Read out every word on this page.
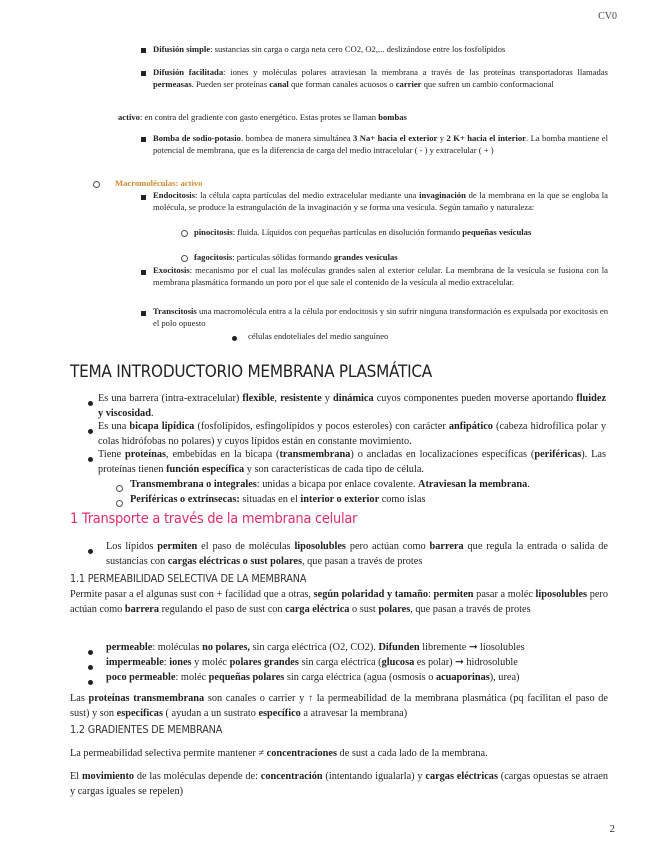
CV0
Difusión simple: sustancias sin carga o carga neta cero CO2, O2,... deslizándose entre los fosfolípidos
Difusión facilitada: iones y moléculas polares atraviesan la membrana a través de las proteínas transportadoras llamadas permeasas. Pueden ser proteínas canal que forman canales acuosos o carrier que sufren un cambio conformacional
activo: en contra del gradiente con gasto energético. Estas protes se llaman bombas
Bomba de sodio-potasio. bombea de manera simultánea 3 Na+ hacia el exterior y 2 K+ hacia el interior. La bomba mantiene el potencial de membrana, que es la diferencia de carga del medio intracelular ( - ) y extracelular ( + )
Macromoléculas: activo
Endocitosis: la célula capta partículas del medio extracelular mediante una invaginación de la membrana en la que se engloba la molécula, se produce la estrangulación de la invaginación y se forma una vesícula. Según tamaño y naturaleza:
pinocitosis: fluida. Líquidos con pequeñas partículas en disolución formando pequeñas vesículas
fagocitosis: partículas sólidas formando grandes vesículas
Exocitosis: mecanismo por el cual las moléculas grandes salen al exterior celular. La membrana de la vesícula se fusiona con la membrana plasmática formando un poro por el que sale el contenido de la vesícula al medio extracelular.
Transcitosis una macromolécula entra a la célula por endocitosis y sin sufrir ninguna transformación es expulsada por exocitosis en el polo opuesto
células endoteliales del medio sanguíneo
TEMA INTRODUCTORIO MEMBRANA PLASMÁTICA
Es una barrera (intra-extracelular) flexible, resistente y dinámica cuyos componentes pueden moverse aportando fluidez y viscosidad.
Es una bicapa lipídica (fosfolípidos, esfingolípidos y pocos esteroles) con carácter anfipático (cabeza hidrofílica polar y colas hidrófobas no polares) y cuyos lípidos están en constante movimiento.
Tiene proteínas, embebidas en la bicapa (transmembrana) o ancladas en localizaciones específicas (periféricas). Las proteínas tienen función específica y son características de cada tipo de célula.
Transmembrana o integrales: unidas a bicapa por enlace covalente. Atraviesan la membrana.
Periféricas o extrínsecas: situadas en el interior o exterior como islas
1 Transporte a través de la membrana celular
Los lípidos permiten el paso de moléculas liposolubles pero actúan como barrera que regula la entrada o salida de sustancias con cargas eléctricas o sust polares, que pasan a través de protes
1.1 PERMEABILIDAD SELECTIVA DE LA MEMBRANA
Permite pasar a el algunas sust con + facilidad que a otras, según polaridad y tamaño: permiten pasar a moléc liposolubles pero actúan como barrera regulando el paso de sust con carga eléctrica o sust polares, que pasan a través de protes
permeable: moléculas no polares, sin carga eléctrica (O2, CO2). Difunden libremente ➞ liosolubles
impermeable: iones y moléc polares grandes sin carga eléctrica (glucosa es polar) ➞ hidrosoluble
poco permeable: moléc pequeñas polares sin carga eléctrica (agua (osmosis o acuaporinas), urea)
Las proteínas transmembrana son canales o carrier y ↑ la permeabilidad de la membrana plasmática (pq facilitan el paso de sust) y son específicas ( ayudan a un sustrato específico a atravesar la membrana)
1.2 GRADIENTES DE MEMBRANA
La permeabilidad selectiva permite mantener ≠ concentraciones de sust a cada lado de la membrana.
El movimiento de las moléculas depende de: concentración (intentando igualarla) y cargas eléctricas (cargas opuestas se atraen y cargas iguales se repelen)
2
